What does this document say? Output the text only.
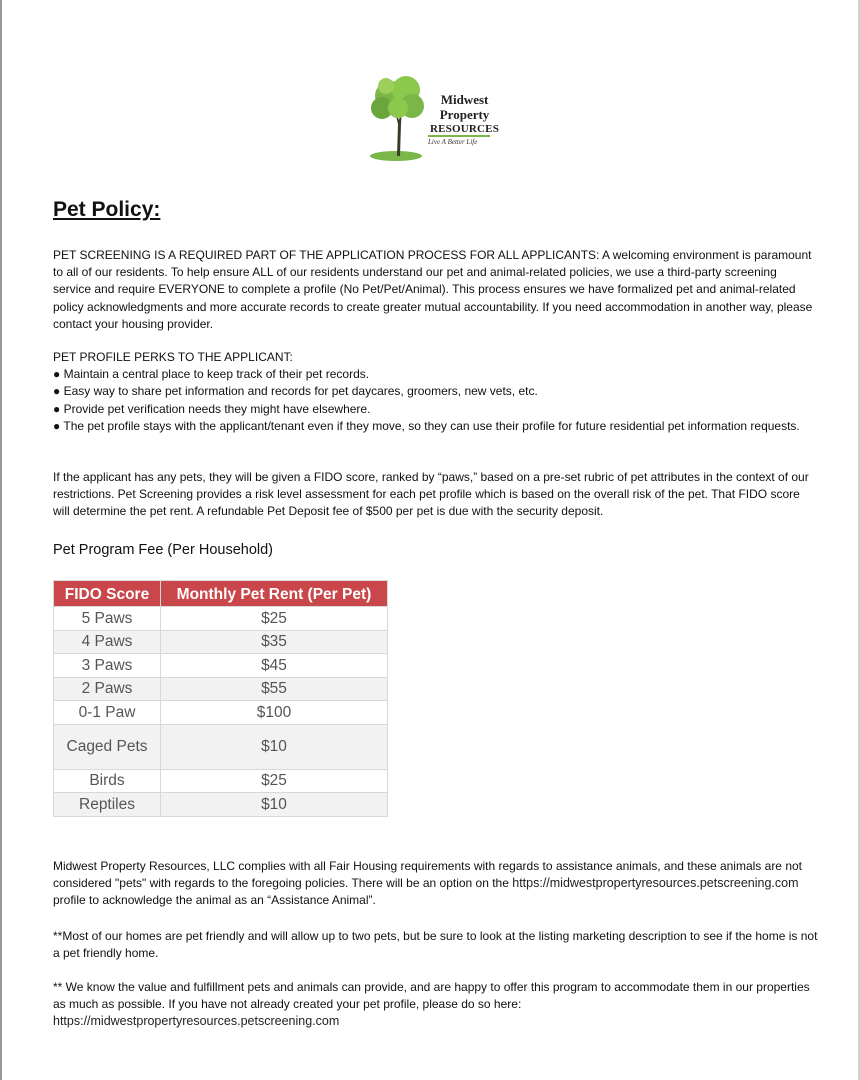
Midwest
Property
RESOURCES
Live A Better Life
Pet Policy:

PET SCREENING IS A REQUIRED PART OF THE APPLICATION PROCESS FOR ALL APPLICANTS: A welcoming environment is paramount to all of our residents. To help ensure ALL of our residents understand our pet and animal-related policies, we use a third-party screening service and require EVERYONE to complete a profile (No Pet/Pet/Animal). This process ensures we have formalized pet and animal-related policy acknowledgments and more accurate records to create greater mutual accountability. If you need accommodation in another way, please contact your housing provider.

PET PROFILE PERKS TO THE APPLICANT:
● Maintain a central place to keep track of their pet records.
● Easy way to share pet information and records for pet daycares, groomers, new vets, etc.
● Provide pet verification needs they might have elsewhere.
● The pet profile stays with the applicant/tenant even if they move, so they can use their profile for future residential pet information requests.

If the applicant has any pets, they will be given a FIDO score, ranked by “paws,” based on a pre-set rubric of pet attributes in the context of our restrictions. Pet Screening provides a risk level assessment for each pet profile which is based on the overall risk of the pet. That FIDO score will determine the pet rent. A refundable Pet Deposit fee of $500 per pet is due with the security deposit.

Pet Program Fee (Per Household)
FIDO Score	Monthly Pet Rent (Per Pet)
5 Paws	$25
4 Paws	$35
3 Paws	$45
2 Paws	$55
0-1 Paw	$100
Caged Pets	$10
Birds	$25
Reptiles	$10

Midwest Property Resources, LLC complies with all Fair Housing requirements with regards to assistance animals, and these animals are not considered "pets" with regards to the foregoing policies. There will be an option on the https://midwestpropertyresources.petscreening.com profile to acknowledge the animal as an “Assistance Animal”.

**Most of our homes are pet friendly and will allow up to two pets, but be sure to look at the listing marketing description to see if the home is not a pet friendly home.

** We know the value and fulfillment pets and animals can provide, and are happy to offer this program to accommodate them in our properties as much as possible. If you have not already created your pet profile, please do so here:
https://midwestpropertyresources.petscreening.com
